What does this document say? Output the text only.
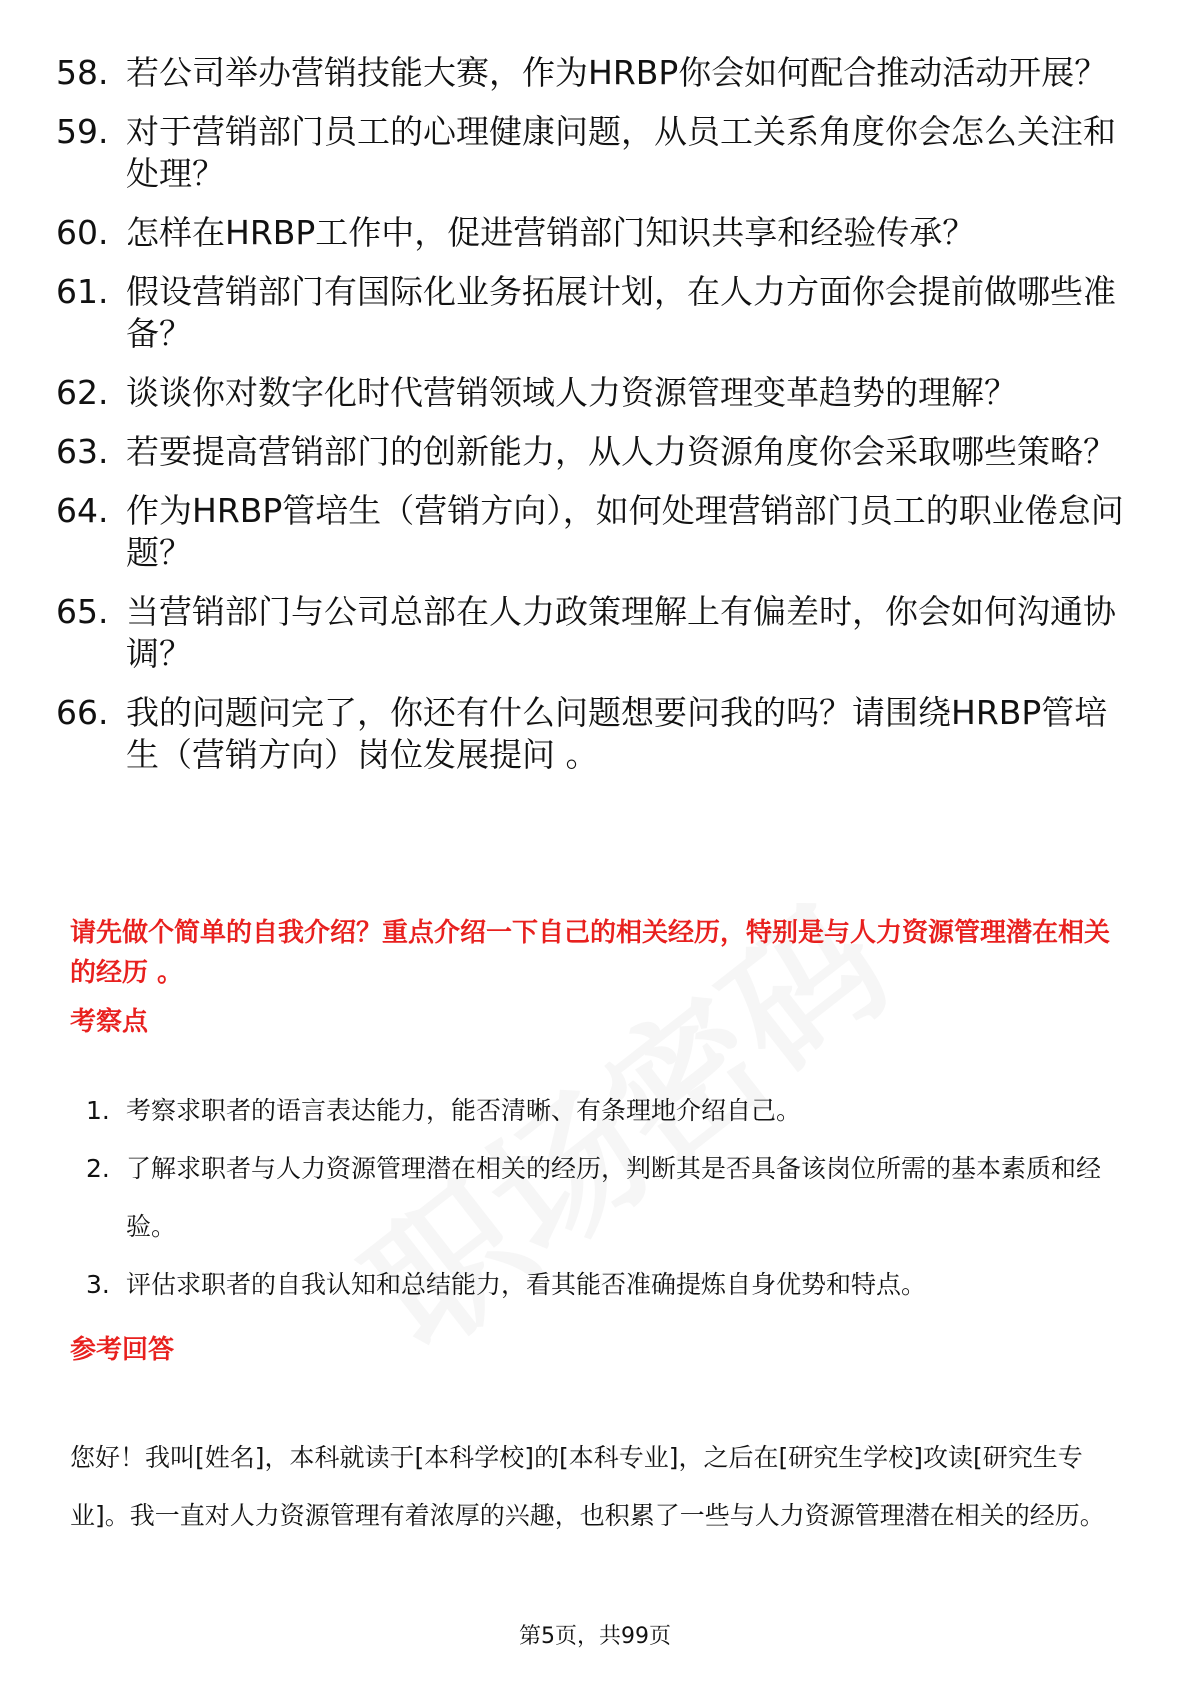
58. 若公司举办营销技能大赛，作为HRBP你会如何配合推动活动开展？
59. 对于营销部门员工的心理健康问题，从员工关系角度你会怎么关注和处理？
60. 怎样在HRBP工作中，促进营销部门知识共享和经验传承？
61. 假设营销部门有国际化业务拓展计划，在人力方面你会提前做哪些准备？
62. 谈谈你对数字化时代营销领域人力资源管理变革趋势的理解？
63. 若要提高营销部门的创新能力，从人力资源角度你会采取哪些策略？
64. 作为HRBP管培生（营销方向），如何处理营销部门员工的职业倦怠问题？
65. 当营销部门与公司总部在人力政策理解上有偏差时，你会如何沟通协调？
66. 我的问题问完了，你还有什么问题想要问我的吗？请围绕HRBP管培生（营销方向）岗位发展提问 。
请先做个简单的自我介绍？重点介绍一下自己的相关经历，特别是与人力资源管理潜在相关的经历 。
考察点
1. 考察求职者的语言表达能力，能否清晰、有条理地介绍自己。
2. 了解求职者与人力资源管理潜在相关的经历，判断其是否具备该岗位所需的基本素质和经验。
3. 评估求职者的自我认知和总结能力，看其能否准确提炼自身优势和特点。
参考回答

您好！我叫[姓名]，本科就读于[本科学校]的[本科专业]，之后在[研究生学校]攻读[研究生专业]。我一直对人力资源管理有着浓厚的兴趣，也积累了一些与人力资源管理潜在相关的经历。

第5页，共99页
